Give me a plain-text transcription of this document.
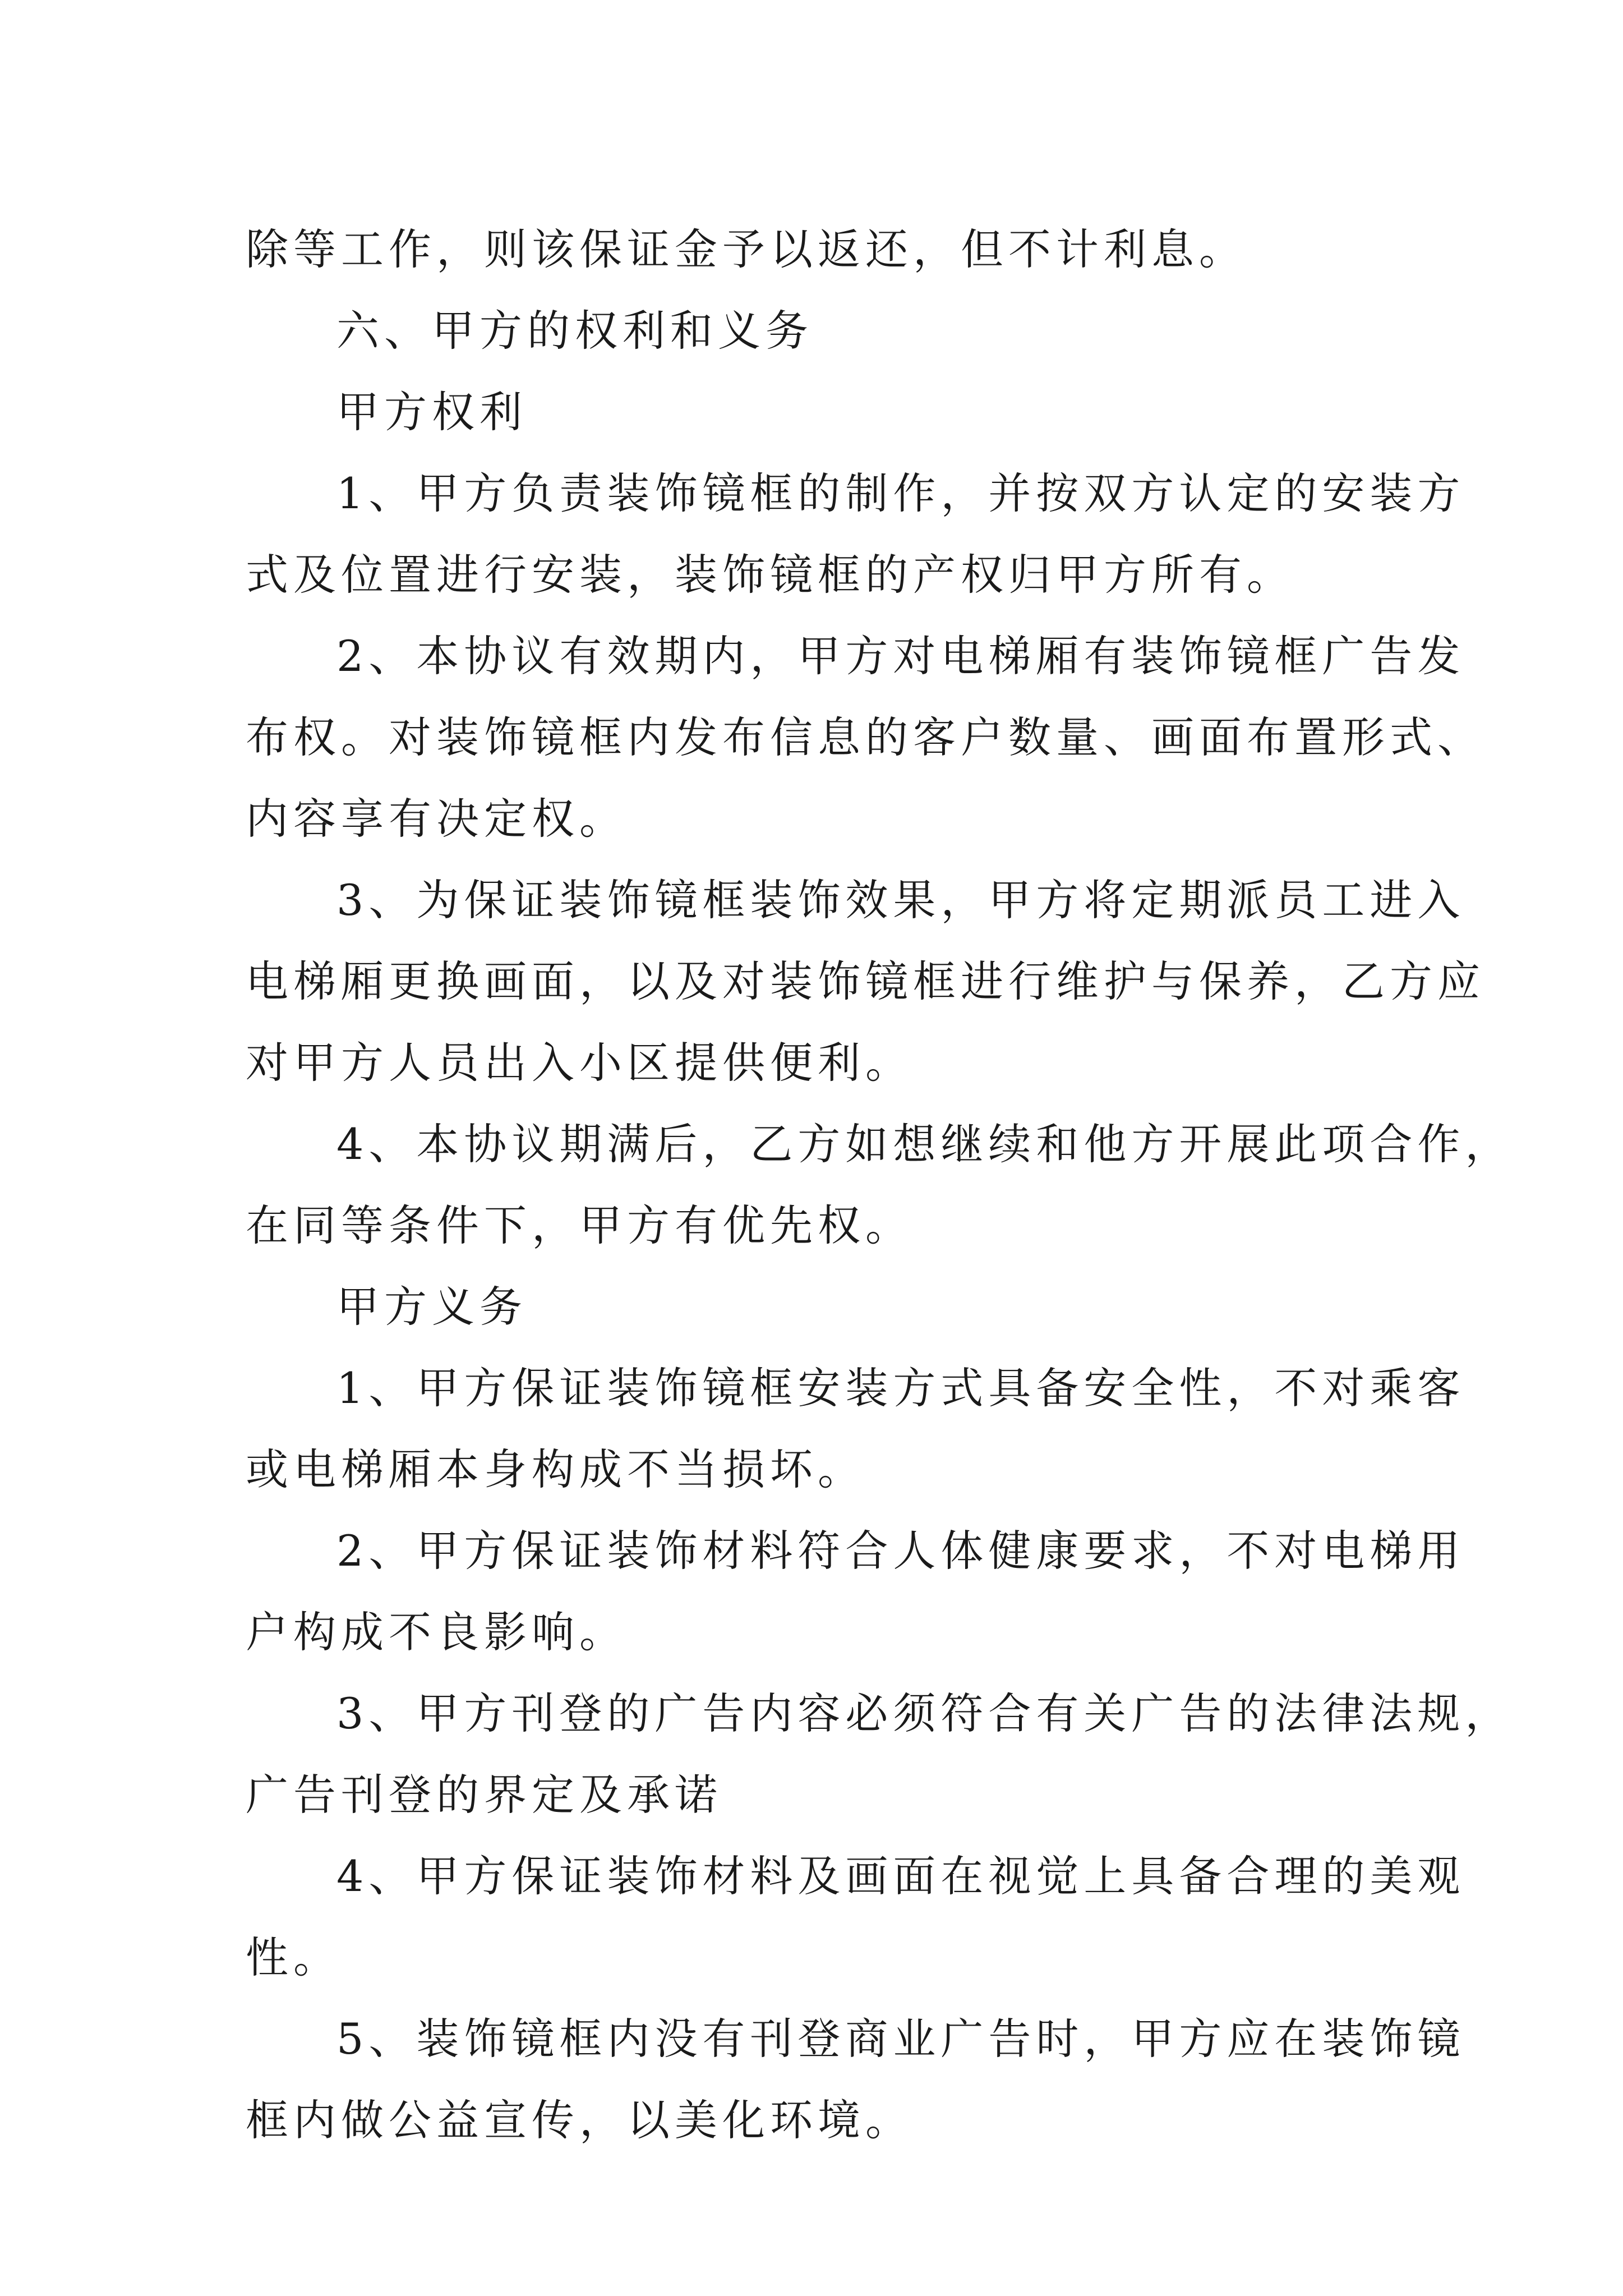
除等工作，则该保证金予以返还，但不计利息。
六、甲方的权利和义务
甲方权利
1、甲方负责装饰镜框的制作，并按双方认定的安装方
式及位置进行安装，装饰镜框的产权归甲方所有。
2、本协议有效期内，甲方对电梯厢有装饰镜框广告发
布权。对装饰镜框内发布信息的客户数量、画面布置形式、
内容享有决定权。
3、为保证装饰镜框装饰效果，甲方将定期派员工进入
电梯厢更换画面，以及对装饰镜框进行维护与保养，乙方应
对甲方人员出入小区提供便利。
4、本协议期满后，乙方如想继续和他方开展此项合作，
在同等条件下，甲方有优先权。
甲方义务
1、甲方保证装饰镜框安装方式具备安全性，不对乘客
或电梯厢本身构成不当损坏。
2、甲方保证装饰材料符合人体健康要求，不对电梯用
户构成不良影响。
3、甲方刊登的广告内容必须符合有关广告的法律法规，
广告刊登的界定及承诺
4、甲方保证装饰材料及画面在视觉上具备合理的美观
性。
5、装饰镜框内没有刊登商业广告时，甲方应在装饰镜
框内做公益宣传，以美化环境。
